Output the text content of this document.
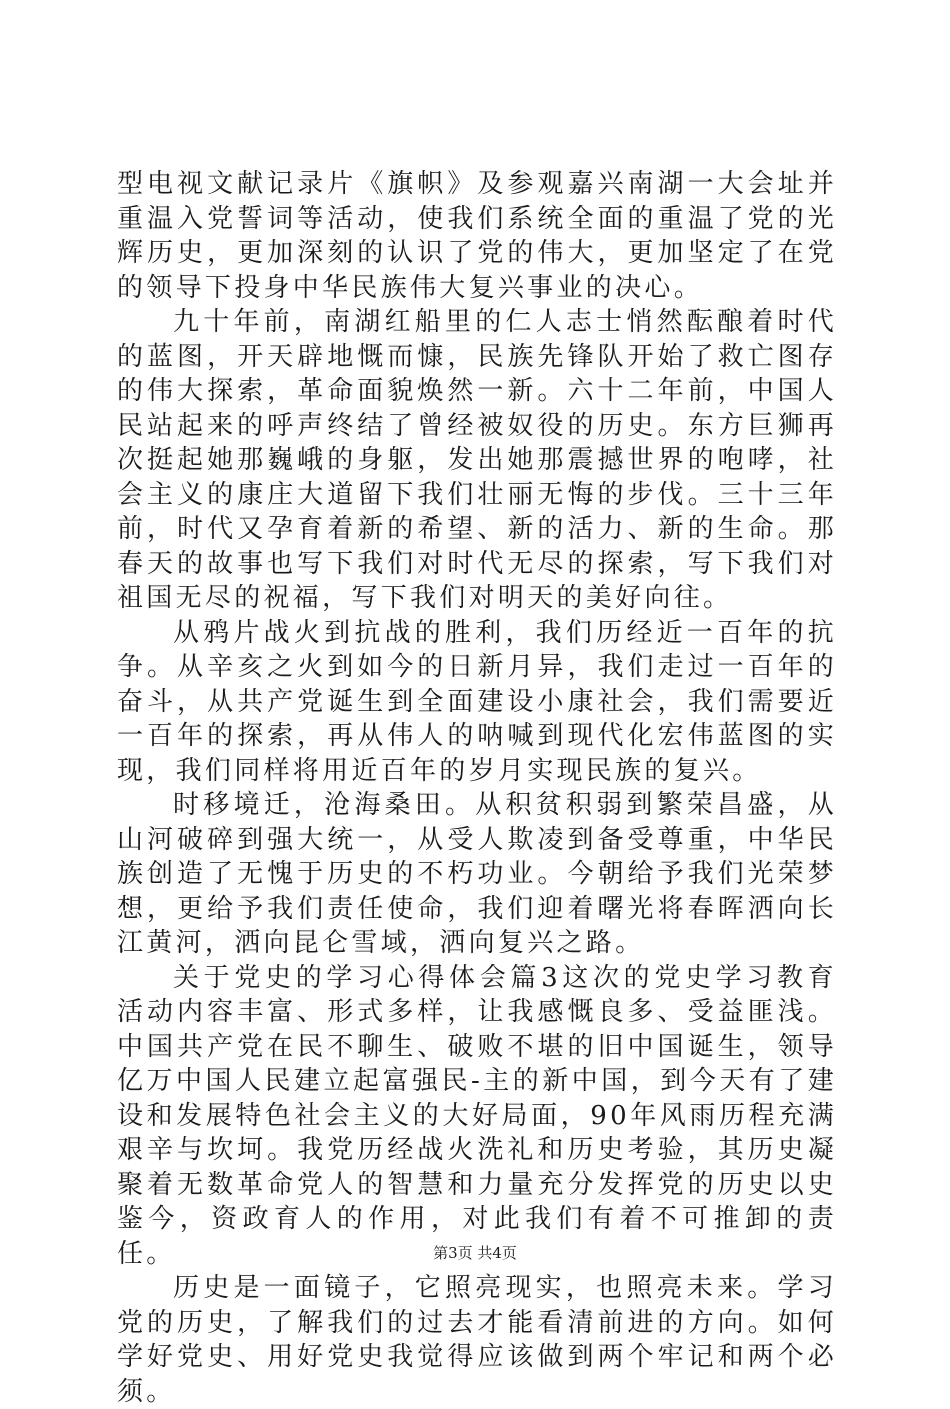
型电视文献记录片《旗帜》及参观嘉兴南湖一大会址并重温入党誓词等活动，使我们系统全面的重温了党的光辉历史，更加深刻的认识了党的伟大，更加坚定了在党的领导下投身中华民族伟大复兴事业的决心。

九十年前，南湖红船里的仁人志士悄然酝酿着时代的蓝图，开天辟地慨而慷，民族先锋队开始了救亡图存的伟大探索，革命面貌焕然一新。六十二年前，中国人民站起来的呼声终结了曾经被奴役的历史。东方巨狮再次挺起她那巍峨的身躯，发出她那震撼世界的咆哮，社会主义的康庄大道留下我们壮丽无悔的步伐。三十三年前，时代又孕育着新的希望、新的活力、新的生命。那春天的故事也写下我们对时代无尽的探索，写下我们对祖国无尽的祝福，写下我们对明天的美好向往。

从鸦片战火到抗战的胜利，我们历经近一百年的抗争。从辛亥之火到如今的日新月异，我们走过一百年的奋斗，从共产党诞生到全面建设小康社会，我们需要近一百年的探索，再从伟人的呐喊到现代化宏伟蓝图的实现，我们同样将用近百年的岁月实现民族的复兴。

时移境迁，沧海桑田。从积贫积弱到繁荣昌盛，从山河破碎到强大统一，从受人欺凌到备受尊重，中华民族创造了无愧于历史的不朽功业。今朝给予我们光荣梦想，更给予我们责任使命，我们迎着曙光将春晖洒向长江黄河，洒向昆仑雪域，洒向复兴之路。

关于党史的学习心得体会篇3这次的党史学习教育活动内容丰富、形式多样，让我感慨良多、受益匪浅。中国共产党在民不聊生、破败不堪的旧中国诞生，领导亿万中国人民建立起富强民-主的新中国，到今天有了建设和发展特色社会主义的大好局面，90年风雨历程充满艰辛与坎坷。我党历经战火洗礼和历史考验，其历史凝聚着无数革命党人的智慧和力量充分发挥党的历史以史鉴今，资政育人的作用，对此我们有着不可推卸的责任。

历史是一面镜子，它照亮现实，也照亮未来。学习党的历史，了解我们的过去才能看清前进的方向。如何学好党史、用好党史我觉得应该做到两个牢记和两个必须。

第3页 共4页
